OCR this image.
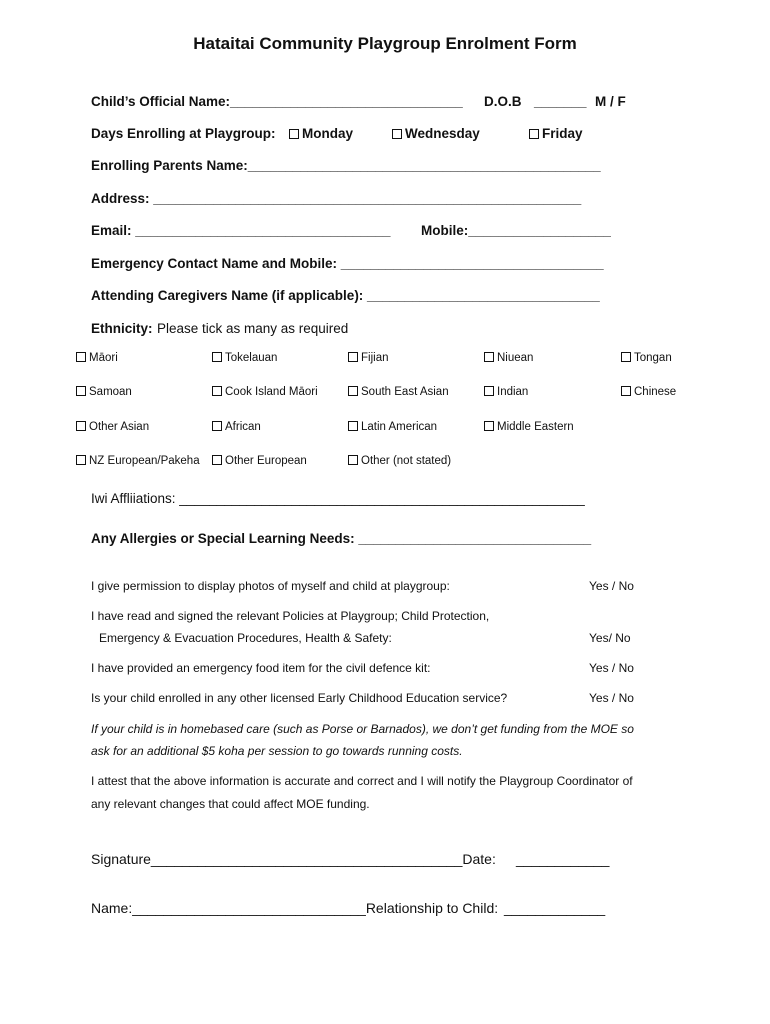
Hataitai Community Playgroup Enrolment Form
Child’s Official Name:_______________________________ D.O.B _______ M / F
Days Enrolling at Playgroup:	Monday	Wednesday	Friday
Enrolling Parents Name:_______________________________________________
Address: _________________________________________________________
Email: __________________________________ Mobile:___________________
Emergency Contact Name and Mobile: ___________________________________
Attending Caregivers Name (if applicable): _______________________________
Ethnicity: Please tick as many as required
Māori	Tokelauan	Fijian	Niuean	Tongan
Samoan	Cook Island Māori	South East Asian	Indian	Chinese
Other Asian	African	Latin American	Middle Eastern
NZ European/Pakeha	Other European	Other (not stated)
Iwi Affliiations: ______________________________________________________
Any Allergies or Special Learning Needs: _______________________________
I give permission to display photos of myself and child at playgroup:	Yes / No
I have read and signed the relevant Policies at Playgroup; Child Protection,
Emergency & Evacuation Procedures, Health & Safety:	Yes/ No
I have provided an emergency food item for the civil defence kit:	Yes / No
Is your child enrolled in any other licensed Early Childhood Education service?	Yes / No
If your child is in homebased care (such as Porse or Barnados), we don’t get funding from the MOE so
ask for an additional $5 koha per session to go towards running costs.
I attest that the above information is accurate and correct and I will notify the Playgroup Coordinator of
any relevant changes that could affect MOE funding.
Signature________________________________________Date: ____________
Name:______________________________Relationship to Child: _____________
